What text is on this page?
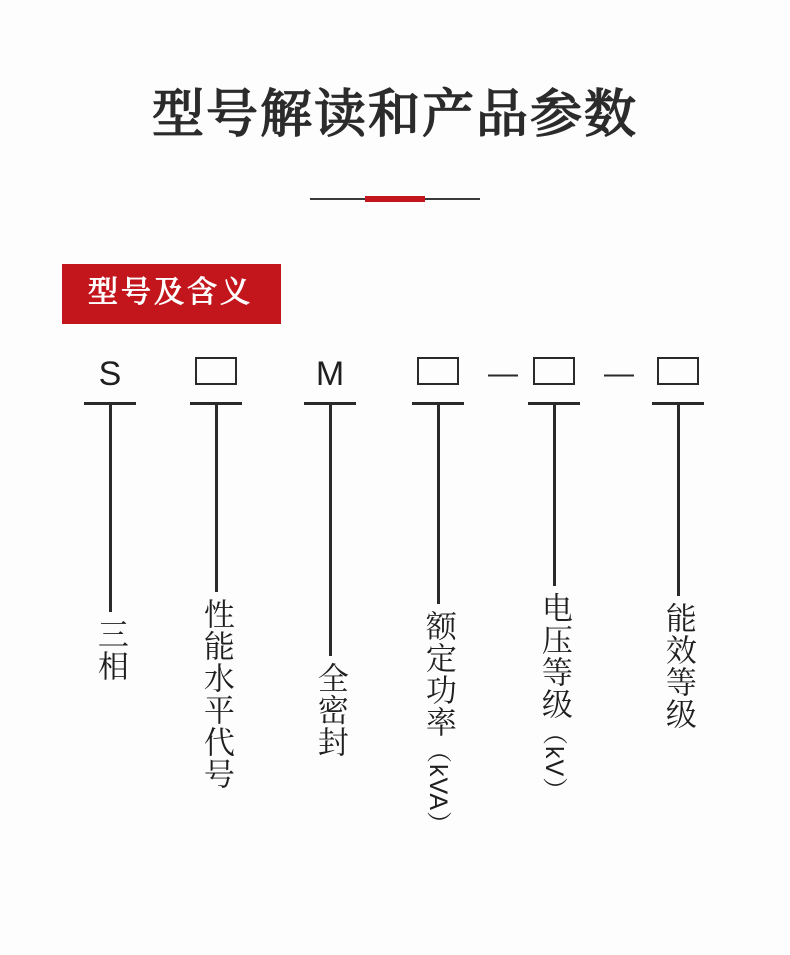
型号解读和产品参数
型号及含义
S	M	—	—
三相 性能水平代号	全密封 额定功率（kVA）
电压等级（kV）
能效等级
